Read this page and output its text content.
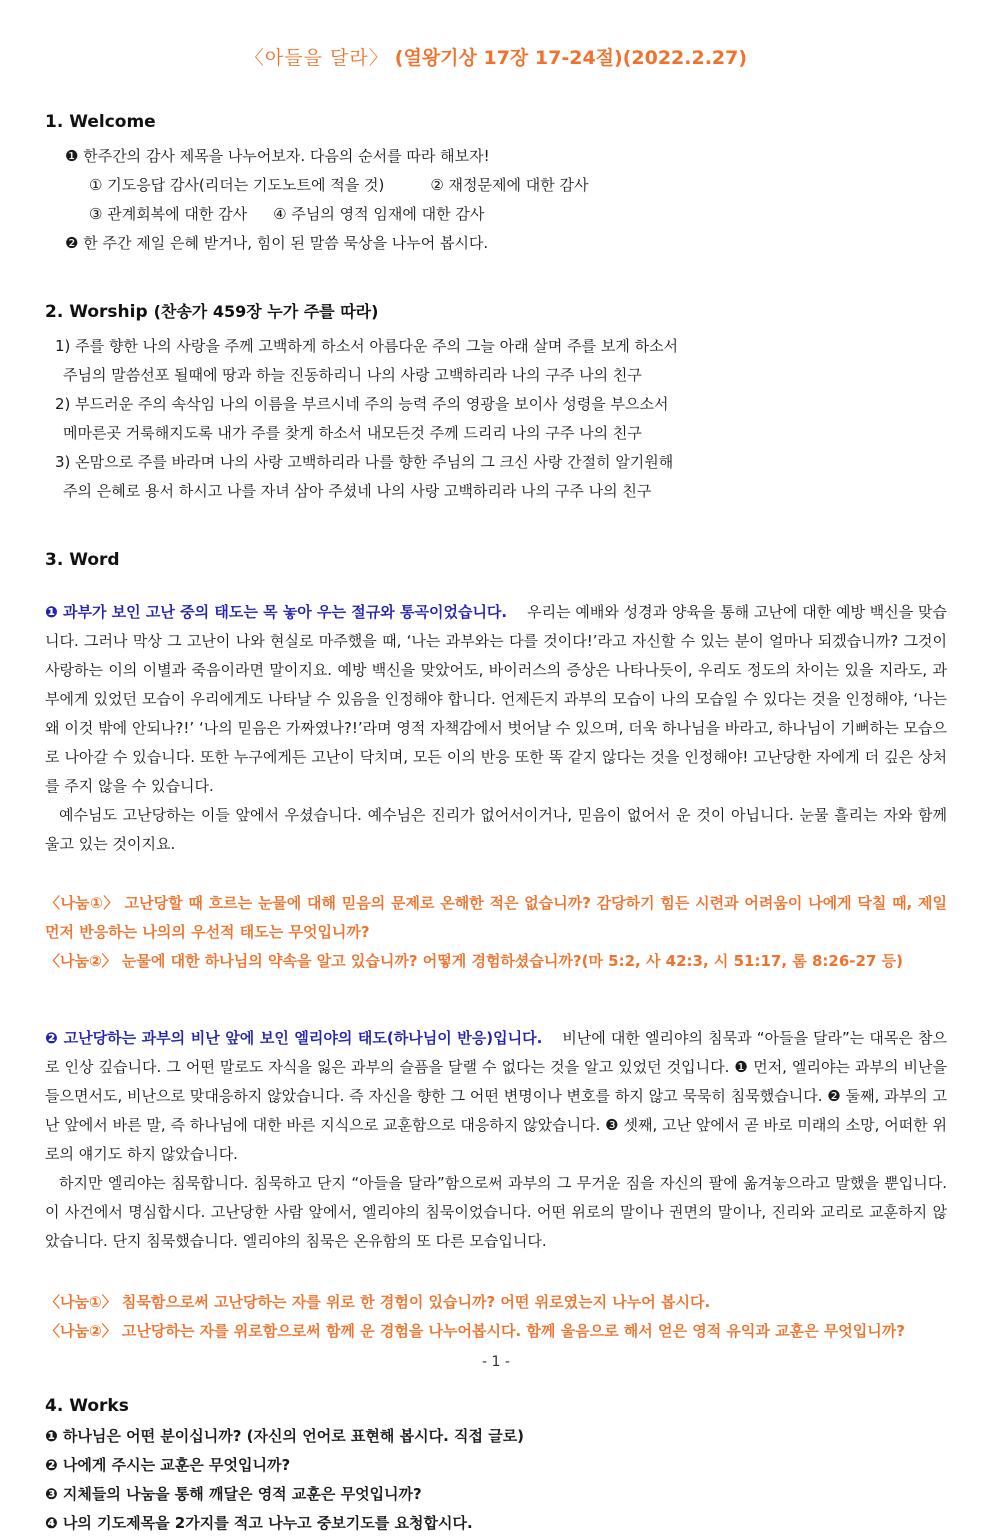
〈아들을 달라〉 (열왕기상 17장 17-24절)(2022.2.27)
1. Welcome

❶ 한주간의 감사 제목을 나누어보자. 다음의 순서를 따라 해보자!

① 기도응답 감사(리더는 기도노트에 적을 것)	② 재정문제에 대한 감사

③ 관계회복에 대한 감사 ④ 주님의 영적 임재에 대한 감사

❷ 한 주간 제일 은혜 받거나, 힘이 된 말씀 묵상을 나누어 봅시다.

2. Worship (찬송가 459장 누가 주를 따라)

1) 주를 향한 나의 사랑을 주께 고백하게 하소서 아름다운 주의 그늘 아래 살며 주를 보게 하소서

주님의 말씀선포 될때에 땅과 하늘 진동하리니 나의 사랑 고백하리라 나의 구주 나의 친구

2) 부드러운 주의 속삭임 나의 이름을 부르시네 주의 능력 주의 영광을 보이사 성령을 부으소서

메마른곳 거룩해지도록 내가 주를 찾게 하소서 내모든것 주께 드리리 나의 구주 나의 친구

3) 온맘으로 주를 바라며 나의 사랑 고백하리라 나를 향한 주님의 그 크신 사랑 간절히 알기원해

주의 은혜로 용서 하시고 나를 자녀 삼아 주셨네 나의 사랑 고백하리라 나의 구주 나의 친구

3. Word

❶ 과부가 보인 고난 중의 태도는 목 놓아 우는 절규와 통곡이었습니다. 우리는 예배와 성경과 양육을 통해 고난에 대한 예방 백신을 맞습니다. 그러나 막상 그 고난이 나와 현실로 마주했을 때, ‘나는 과부와는 다를 것이다!’라고 자신할 수 있는 분이 얼마나 되겠습니까? 그것이 사랑하는 이의 이별과 죽음이라면 말이지요. 예방 백신을 맞았어도, 바이러스의 증상은 나타나듯이, 우리도 정도의 차이는 있을 지라도, 과부에게 있었던 모습이 우리에게도 나타날 수 있음을 인정해야 합니다. 언제든지 과부의 모습이 나의 모습일 수 있다는 것을 인정해야, ‘나는 왜 이것 밖에 안되나?!’ ‘나의 믿음은 가짜였나?!’라며 영적 자책감에서 벗어날 수 있으며, 더욱 하나님을 바라고, 하나님이 기뻐하는 모습으로 나아갈 수 있습니다. 또한 누구에게든 고난이 닥치며, 모든 이의 반응 또한 똑 같지 않다는 것을 인정해야! 고난당한 자에게 더 깊은 상처를 주지 않을 수 있습니다.

예수님도 고난당하는 이들 앞에서 우셨습니다. 예수님은 진리가 없어서이거나, 믿음이 없어서 운 것이 아닙니다. 눈물 흘리는 자와 함께 울고 있는 것이지요.

〈나눔①〉 고난당할 때 흐르는 눈물에 대해 믿음의 문제로 온해한 적은 없습니까? 감당하기 힘든 시련과 어려움이 나에게 닥칠 때, 제일 먼저 반응하는 나의의 우선적 태도는 무엇입니까?

〈나눔②〉 눈물에 대한 하나님의 약속을 알고 있습니까? 어떻게 경험하셨습니까?(마 5:2, 사 42:3, 시 51:17, 롬 8:26-27 등)

❷ 고난당하는 과부의 비난 앞에 보인 엘리야의 태도(하나님이 반응)입니다. 비난에 대한 엘리야의 침묵과 “아들을 달라”는 대목은 참으로 인상 깊습니다. 그 어떤 말로도 자식을 잃은 과부의 슬픔을 달랠 수 없다는 것을 알고 있었던 것입니다. ❶ 먼저, 엘리야는 과부의 비난을 들으면서도, 비난으로 맞대응하지 않았습니다. 즉 자신을 향한 그 어떤 변명이나 변호를 하지 않고 묵묵히 침묵했습니다. ❷ 둘째, 과부의 고난 앞에서 바른 말, 즉 하나님에 대한 바른 지식으로 교훈함으로 대응하지 않았습니다. ❸ 셋째, 고난 앞에서 곧 바로 미래의 소망, 어떠한 위로의 얘기도 하지 않았습니다.

하지만 엘리야는 침묵합니다. 침묵하고 단지 “아들을 달라”함으로써 과부의 그 무거운 짐을 자신의 팔에 옮겨놓으라고 말했을 뿐입니다. 이 사건에서 명심합시다. 고난당한 사람 앞에서, 엘리야의 침묵이었습니다. 어떤 위로의 말이나 권면의 말이나, 진리와 교리로 교훈하지 않았습니다. 단지 침묵했습니다. 엘리야의 침묵은 온유함의 또 다른 모습입니다.

〈나눔①〉 침묵함으로써 고난당하는 자를 위로 한 경험이 있습니까? 어떤 위로였는지 나누어 봅시다.

〈나눔②〉 고난당하는 자를 위로함으로써 함께 운 경험을 나누어봅시다. 함께 울음으로 해서 얻은 영적 유익과 교훈은 무엇입니까?

4. Works

❶ 하나님은 어떤 분이십니까? (자신의 언어로 표현해 봅시다. 직접 글로)

❷ 나에게 주시는 교훈은 무엇입니까?

❸ 지체들의 나눔을 통해 깨달은 영적 교훈은 무엇입니까?

❹ 나의 기도제목을 2가지를 적고 나누고 중보기도를 요청합시다.

- 1 -
